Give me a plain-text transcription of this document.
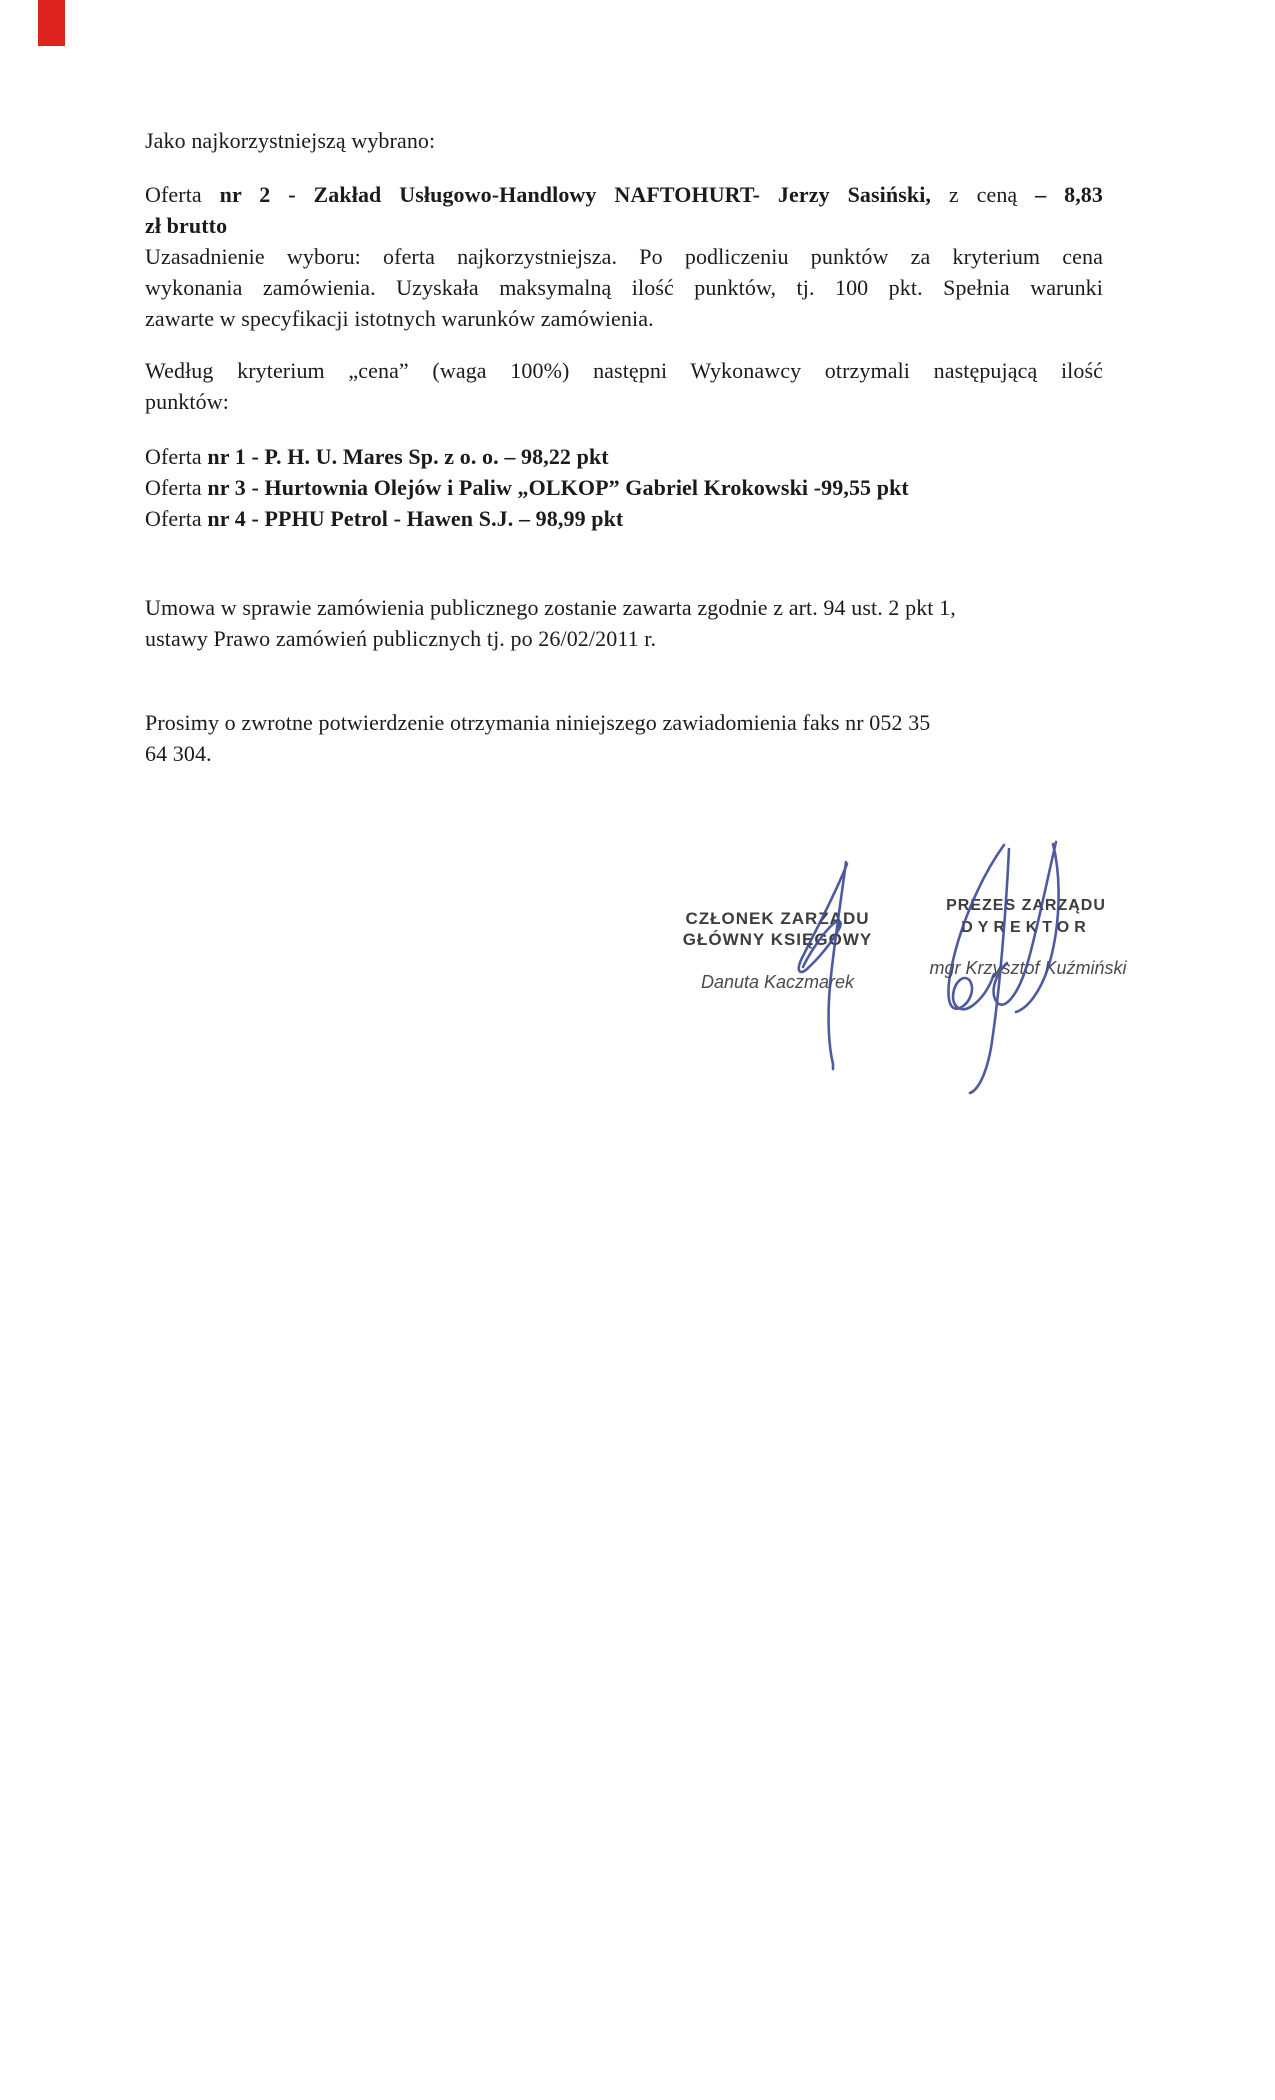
Jako najkorzystniejszą wybrano:
Oferta nr 2 - Zakład Usługowo-Handlowy NAFTOHURT- Jerzy Sasiński, z ceną – 8,83
zł brutto
Uzasadnienie wyboru: oferta najkorzystniejsza. Po podliczeniu punktów za kryterium cena
wykonania zamówienia. Uzyskała maksymalną ilość punktów, tj. 100 pkt. Spełnia warunki
zawarte w specyfikacji istotnych warunków zamówienia.
Według kryterium „cena” (waga 100%) następni Wykonawcy otrzymali następującą ilość
punktów:
Oferta nr 1 - P. H. U. Mares Sp. z o. o. – 98,22 pkt
Oferta nr 3 - Hurtownia Olejów i Paliw „OLKOP” Gabriel Krokowski -99,55 pkt
Oferta nr 4 - PPHU Petrol - Hawen S.J. – 98,99 pkt
Umowa w sprawie zamówienia publicznego zostanie zawarta zgodnie z art. 94 ust. 2 pkt 1,
ustawy Prawo zamówień publicznych tj. po 26/02/2011 r.
Prosimy o zwrotne potwierdzenie otrzymania niniejszego zawiadomienia faks nr 052 35
64 304.
CZŁONEK ZARZĄDU
GŁÓWNY KSIĘGOWY
Danuta Kaczmarek
PREZES ZARZĄDU
DYREKTOR
mgr Krzysztof Kuźmiński
